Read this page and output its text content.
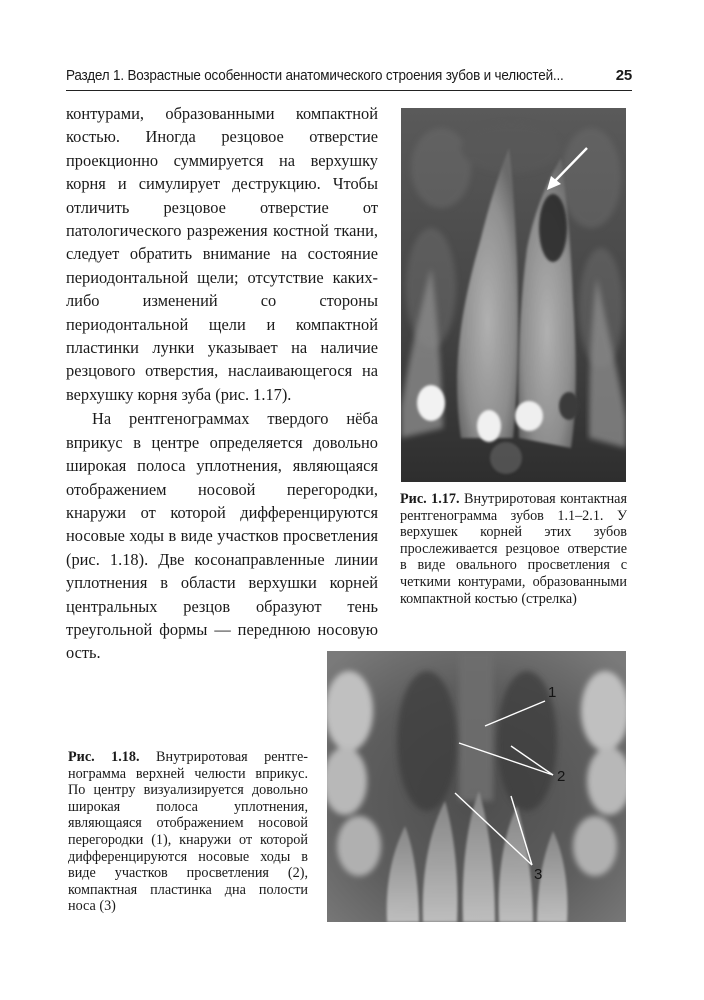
Раздел 1. Возрастные особенности анатомического строения зубов и челюстей...	25

контурами, образованными компактной костью. Иногда резцовое отверстие проекционно суммируется на верхушку корня и симулирует деструкцию. Чтобы отличить резцовое отверстие от патологического разрежения костной ткани, следует обратить внимание на состояние периодонтальной щели; отсутствие каких-либо изменений со стороны периодонтальной щели и компактной пластинки лунки указывает на наличие резцового отверстия, наслаивающегося на верхушку корня зуба (рис. 1.17).

На рентгенограммах твердого нёба вприкус в центре определяется довольно широкая полоса уплотнения, являющаяся отображением носовой перегородки, кнаружи от которой дифференцируются носовые ходы в виде участков просветления (рис. 1.18). Две косонаправленные линии уплотнения в области верхушки корней центральных резцов образуют тень треугольной формы — переднюю носовую ость.

Рис. 1.17. Внутриротовая контактная рентгенограмма зубов 1.1–2.1. У верхушек корней этих зубов прослеживается резцовое отверстие в виде овального просветления с четкими контурами, образованными компактной костью (стрелка)
1
2
3
Рис. 1.18. Внутриротовая рентгенограмма верхней челюсти вприкус. По центру визуализируется довольно широкая полоса уплотнения, являющаяся отображением носовой перегородки (1), кнаружи от которой дифференцируются носовые ходы в виде участков просветления (2), компактная пластинка дна полости носа (3)
